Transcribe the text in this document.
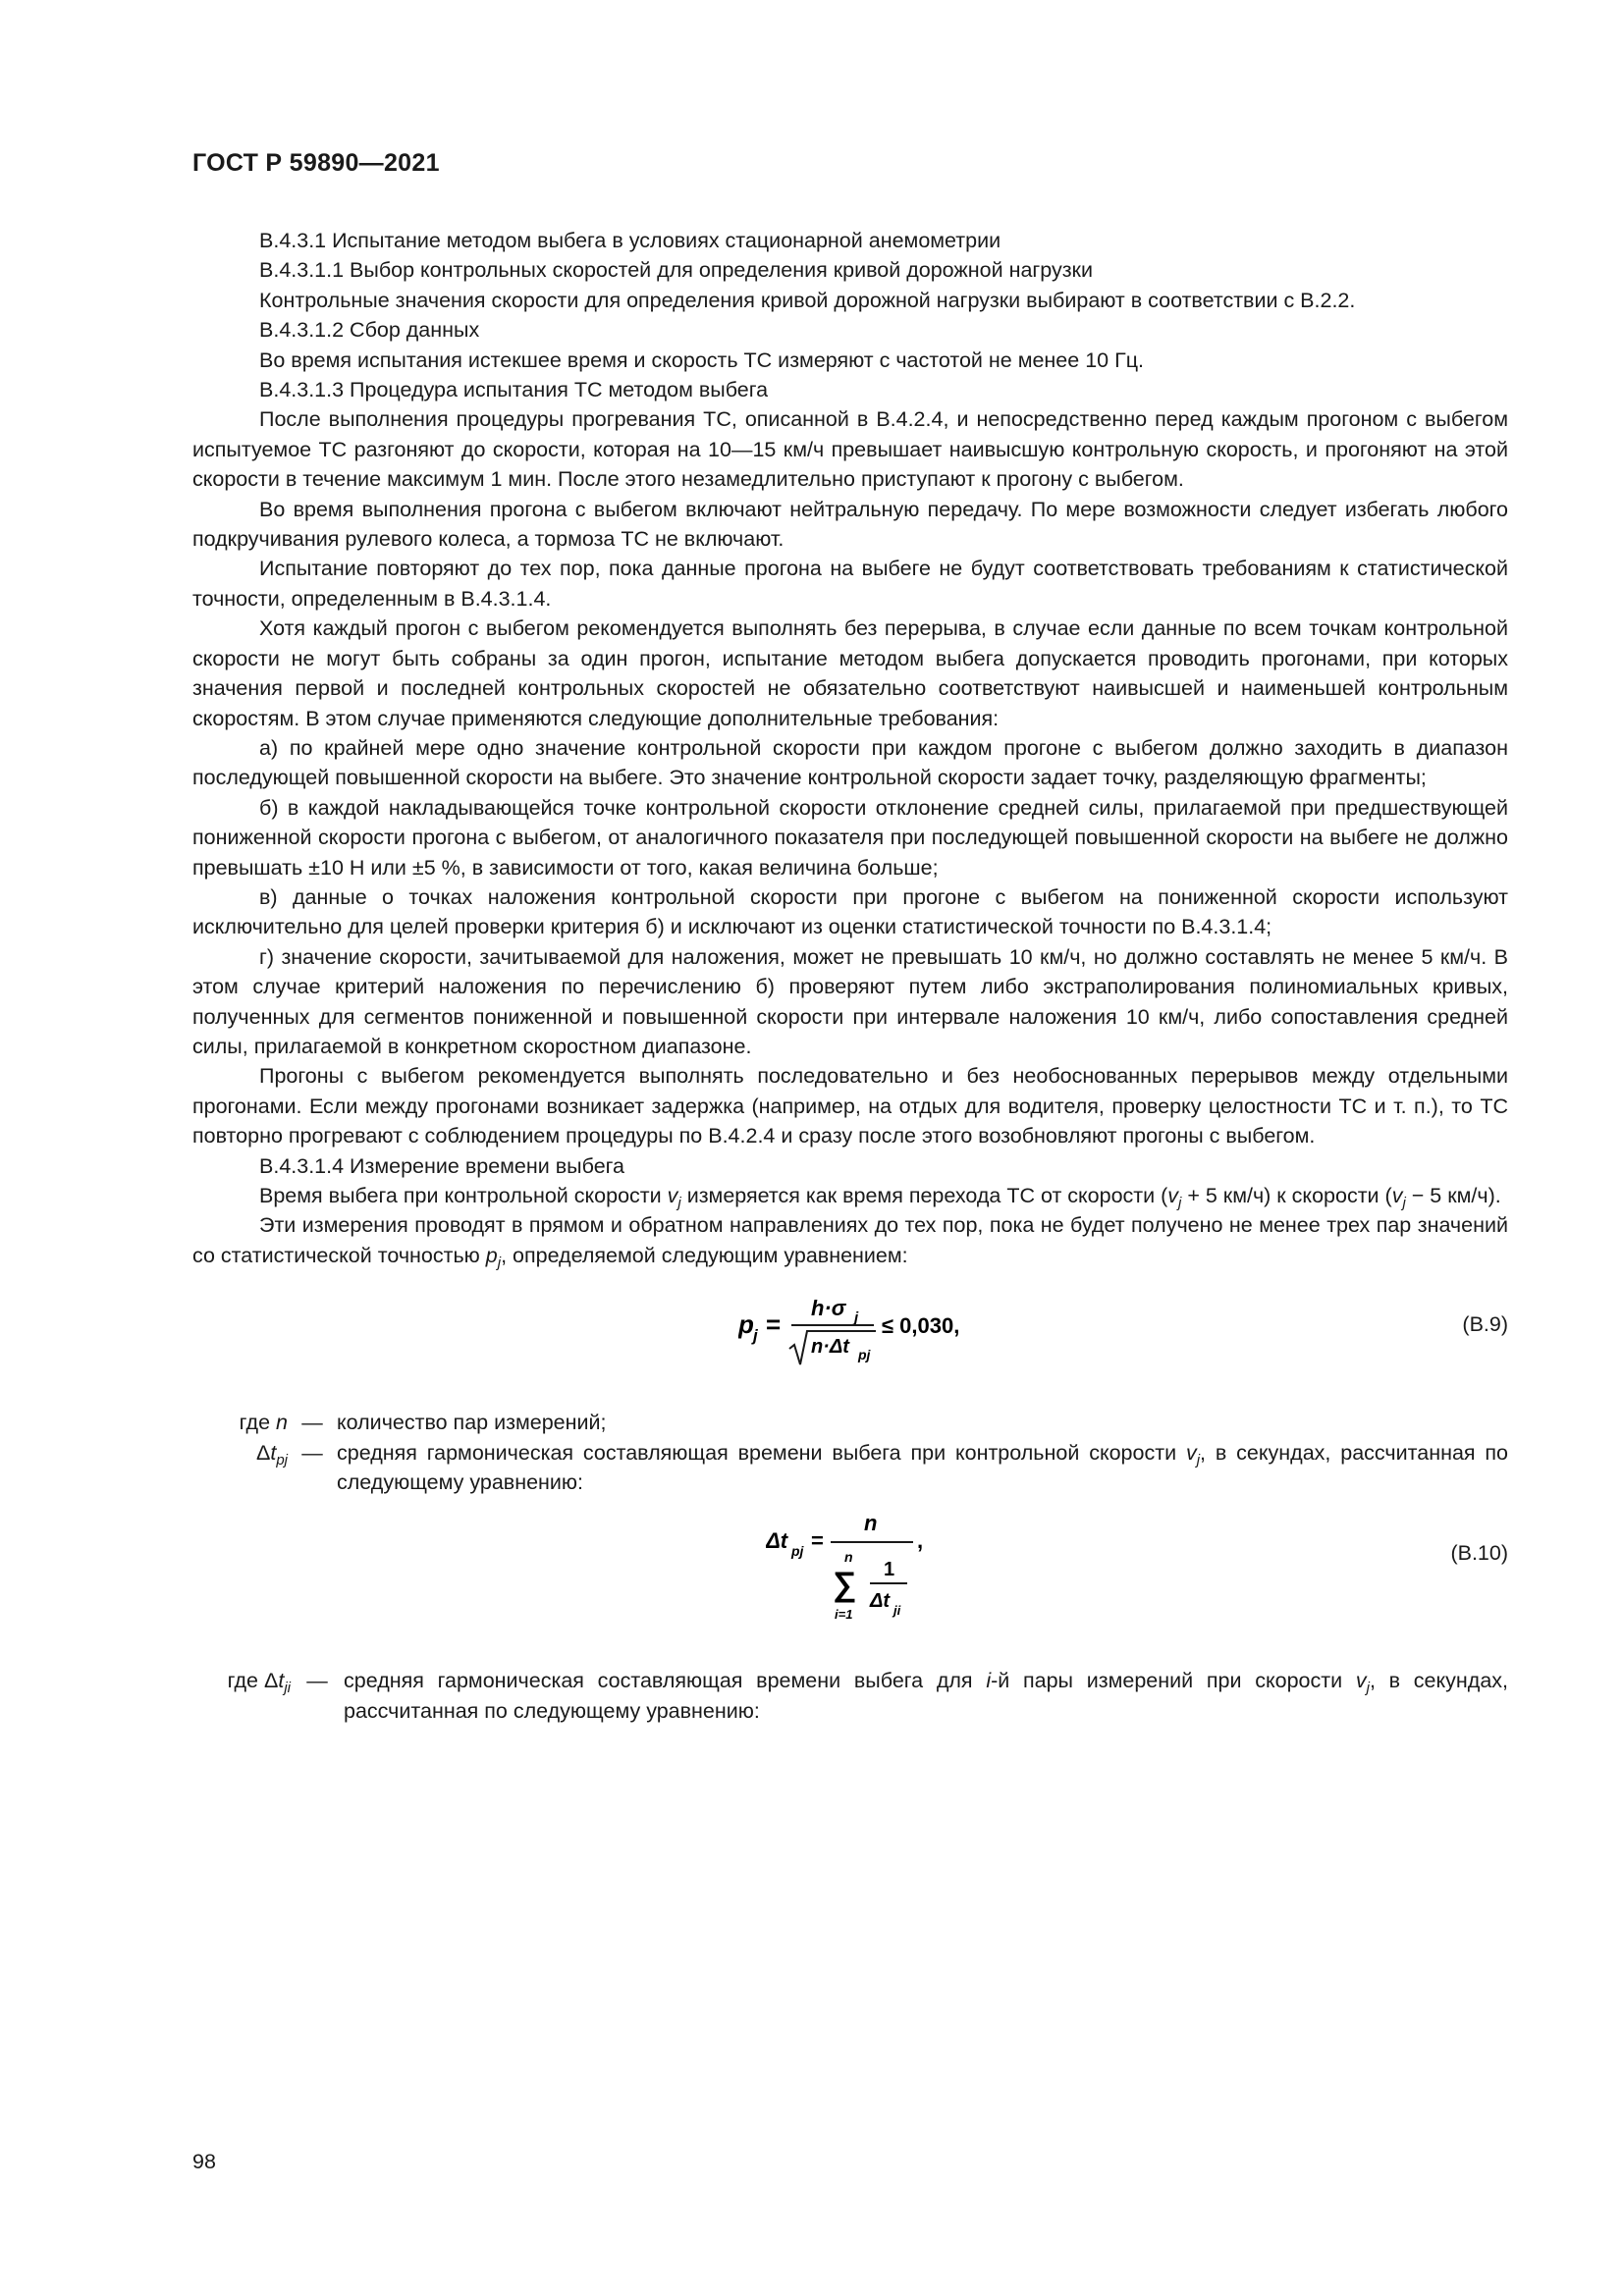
ГОСТ Р 59890—2021

В.4.3.1 Испытание методом выбега в условиях стационарной анемометрии

В.4.3.1.1 Выбор контрольных скоростей для определения кривой дорожной нагрузки

Контрольные значения скорости для определения кривой дорожной нагрузки выбирают в соответствии с В.2.2.

В.4.3.1.2 Сбор данных

Во время испытания истекшее время и скорость ТС измеряют с частотой не менее 10 Гц.

В.4.3.1.3 Процедура испытания ТС методом выбега

После выполнения процедуры прогревания ТС, описанной в В.4.2.4, и непосредственно перед каждым прогоном с выбегом испытуемое ТС разгоняют до скорости, которая на 10—15 км/ч превышает наивысшую контрольную скорость, и прогоняют на этой скорости в течение максимум 1 мин. После этого незамедлительно приступают к прогону с выбегом.

Во время выполнения прогона с выбегом включают нейтральную передачу. По мере возможности следует избегать любого подкручивания рулевого колеса, а тормоза ТС не включают.

Испытание повторяют до тех пор, пока данные прогона на выбеге не будут соответствовать требованиям к статистической точности, определенным в В.4.3.1.4.

Хотя каждый прогон с выбегом рекомендуется выполнять без перерыва, в случае если данные по всем точкам контрольной скорости не могут быть собраны за один прогон, испытание методом выбега допускается проводить прогонами, при которых значения первой и последней контрольных скоростей не обязательно соответствуют наивысшей и наименьшей контрольным скоростям. В этом случае применяются следующие дополнительные требования:

а) по крайней мере одно значение контрольной скорости при каждом прогоне с выбегом должно заходить в диапазон последующей повышенной скорости на выбеге. Это значение контрольной скорости задает точку, разделяющую фрагменты;

б) в каждой накладывающейся точке контрольной скорости отклонение средней силы, прилагаемой при предшествующей пониженной скорости прогона с выбегом, от аналогичного показателя при последующей повышенной скорости на выбеге не должно превышать ±10 Н или ±5 %, в зависимости от того, какая величина больше;

в) данные о точках наложения контрольной скорости при прогоне с выбегом на пониженной скорости используют исключительно для целей проверки критерия б) и исключают из оценки статистической точности по В.4.3.1.4;

г) значение скорости, зачитываемой для наложения, может не превышать 10 км/ч, но должно составлять не менее 5 км/ч. В этом случае критерий наложения по перечислению б) проверяют путем либо экстраполирования полиномиальных кривых, полученных для сегментов пониженной и повышенной скорости при интервале наложения 10 км/ч, либо сопоставления средней силы, прилагаемой в конкретном скоростном диапазоне.

Прогоны с выбегом рекомендуется выполнять последовательно и без необоснованных перерывов между отдельными прогонами. Если между прогонами возникает задержка (например, на отдых для водителя, проверку целостности ТС и т. п.), то ТС повторно прогревают с соблюдением процедуры по В.4.2.4 и сразу после этого возобновляют прогоны с выбегом.

В.4.3.1.4 Измерение времени выбега

Время выбега при контрольной скорости $v_j$ измеряется как время перехода ТС от скорости ($v_j + 5$ км/ч) к скорости ($v_j - 5$ км/ч).

Эти измерения проводят в прямом и обратном направлениях до тех пор, пока не будет получено не менее трех пар значений со статистической точностью $p_j$, определяемой следующим уравнением:

p j =
h·σ j
n·Δt pj
≤ 0,030,	(В.9)
где n — количество пар измерений;
$\Delta t_{pj}$ — средняя гармоническая составляющая времени выбега при контрольной скорости $v_j$, в секундах, рассчитанная по следующему уравнению:
Δt pj =
n
,
n
∑
i=1
1
Δt ji
(В.10)
где $\Delta t_{ji}$ — средняя гармоническая составляющая времени выбега для i-й пары измерений при скорости $v_j$, в секундах, рассчитанная по следующему уравнению:
98
